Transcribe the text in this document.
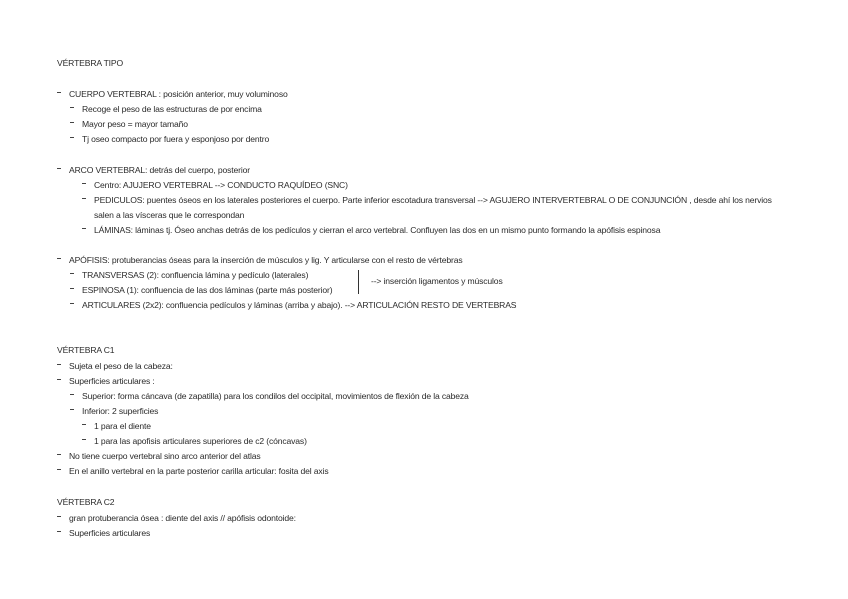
VÉRTEBRA TIPO
CUERPO VERTEBRAL : posición anterior, muy voluminoso
Recoge el peso de las estructuras de por encima
Mayor peso = mayor tamaño
Tj oseo compacto por fuera y esponjoso por dentro
ARCO VERTEBRAL: detrás del cuerpo, posterior
Centro: AJUJERO VERTEBRAL --> CONDUCTO RAQUÍDEO (SNC)
PEDICULOS: puentes óseos en los laterales posteriores el cuerpo. Parte inferior escotadura transversal --> AGUJERO INTERVERTEBRAL O DE CONJUNCIÓN , desde ahí los nervios
salen a las vísceras que le correspondan
LÁMINAS: láminas tj. Óseo anchas detrás de los pedículos y cierran el arco vertebral. Confluyen las dos en un mismo punto formando la apófisis espinosa
APÓFISIS: protuberancias óseas para la inserción de músculos y lig. Y articularse con el resto de vértebras
TRANSVERSAS (2): confluencia lámina y pedículo (laterales)
ESPINOSA (1): confluencia de las dos láminas (parte más posterior)
ARTICULARES (2x2): confluencia pedículos y láminas (arriba y abajo). --> ARTICULACIÓN RESTO DE VERTEBRAS
--> inserción ligamentos y músculos
VÉRTEBRA C1
Sujeta el peso de la cabeza:
Superficies articulares :
Superior: forma cáncava (de zapatilla) para los condilos del occipital, movimientos de flexión de la cabeza
Inferior: 2 superficies
1 para el diente
1 para las apofisis articulares superiores de c2 (cóncavas)
No tiene cuerpo vertebral sino arco anterior del atlas
En el anillo vertebral en la parte posterior carilla articular: fosita del axis
VÉRTEBRA C2
gran protuberancia ósea : diente del axis // apófisis odontoide:
Superficies articulares
